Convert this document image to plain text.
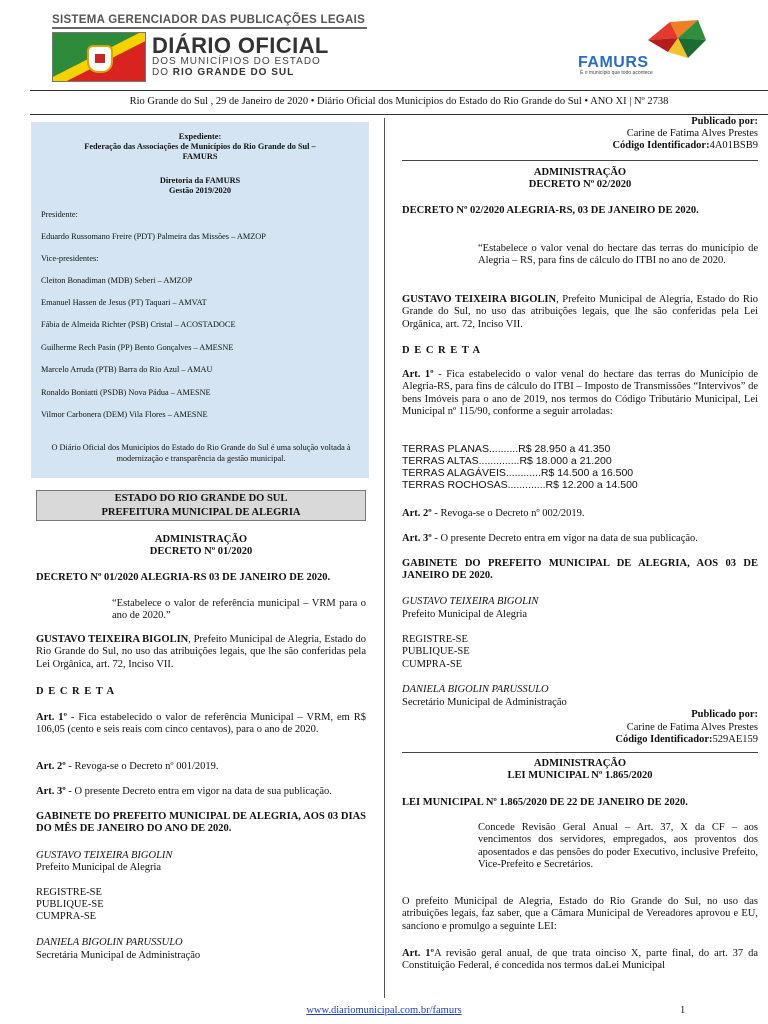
SISTEMA GERENCIADOR DAS PUBLICAÇÕES LEGAIS
DIÁRIO OFICIAL
DOS MUNICÍPIOS DO ESTADO
DO RIO GRANDE DO SUL
FAMURS
É o município que todo acontece
Rio Grande do Sul , 29 de Janeiro de 2020 • Diário Oficial dos Municípios do Estado do Rio Grande do Sul • ANO XI | Nº 2738
Expediente:
Federação das Associações de Municípios do Rio Grande do Sul –
FAMURS
Diretoria da FAMURS
Gestão 2019/2020
Presidente:
Eduardo Russomano Freire (PDT) Palmeira das Missões – AMZOP
Vice-presidentes:
Cleiton Bonadiman (MDB) Seberi – AMZOP
Emanuel Hassen de Jesus (PT) Taquari – AMVAT
Fábia de Almeida Richter (PSB) Cristal – ACOSTADOCE
Guilherme Rech Pasin (PP) Bento Gonçalves – AMESNE
Marcelo Arruda (PTB) Barra do Rio Azul – AMAU
Ronaldo Boniatti (PSDB) Nova Pádua – AMESNE
Vilmor Carbonera (DEM) Vila Flores – AMESNE
O Diário Oficial dos Municípios do Estado do Rio Grande do Sul é uma solução voltada à modernização e transparência da gestão municipal.
ESTADO DO RIO GRANDE DO SUL
PREFEITURA MUNICIPAL DE ALEGRIA
ADMINISTRAÇÃO
DECRETO Nº 01/2020
DECRETO Nº 01/2020 ALEGRIA-RS 03 DE JANEIRO DE 2020.
“Estabelece o valor de referência municipal – VRM para o ano de 2020.”
GUSTAVO TEIXEIRA BIGOLIN, Prefeito Municipal de Alegria, Estado do Rio Grande do Sul, no uso das atribuições legais, que lhe são conferidas pela Lei Orgânica, art. 72, Inciso VII.
D E C R E T A
Art. 1º - Fica estabelecido o valor de referência Municipal – VRM, em R$ 106,05 (cento e seis reais com cinco centavos), para o ano de 2020.
Art. 2º - Revoga-se o Decreto nº 001/2019.
Art. 3º - O presente Decreto entra em vigor na data de sua publicação.
GABINETE DO PREFEITO MUNICIPAL DE ALEGRIA, AOS 03 DIAS DO MÊS DE JANEIRO DO ANO DE 2020.
GUSTAVO TEIXEIRA BIGOLIN
Prefeito Municipal de Alegria
REGISTRE-SE
PUBLIQUE-SE
CUMPRA-SE
DANIELA BIGOLIN PARUSSULO
Secretária Municipal de Administração
Publicado por:
Carine de Fatima Alves Prestes
Código Identificador:4A01BSB9
ADMINISTRAÇÃO
DECRETO Nº 02/2020
DECRETO Nº 02/2020 ALEGRIA-RS, 03 DE JANEIRO DE 2020.
“Estabelece o valor venal do hectare das terras do município de Alegria – RS, para fins de cálculo do ITBI no ano de 2020.
GUSTAVO TEIXEIRA BIGOLIN, Prefeito Municipal de Alegria, Estado do Rio Grande do Sul, no uso das atribuições legais, que lhe são conferidas pela Lei Orgânica, art. 72, Inciso VII.
D E C R E T A
Art. 1º - Fica estabelecido o valor venal do hectare das terras do Município de Alegria-RS, para fins de cálculo do ITBI – Imposto de Transmissões “Intervivos” de bens Imóveis para o ano de 2019, nos termos do Código Tributário Municipal, Lei Municipal nº 115/90, conforme a seguir arroladas:
TERRAS PLANAS..........R$ 28.950 a 41.350
TERRAS ALTAS..............R$ 18.000 a 21.200
TERRAS ALAGÁVEIS............R$ 14.500 a 16.500
TERRAS ROCHOSAS.............R$ 12.200 a 14.500
Art. 2º - Revoga-se o Decreto nº 002/2019.
Art. 3º - O presente Decreto entra em vigor na data de sua publicação.
GABINETE DO PREFEITO MUNICIPAL DE ALEGRIA, AOS 03 DE JANEIRO DE 2020.
GUSTAVO TEIXEIRA BIGOLIN
Prefeito Municipal de Alegria
REGISTRE-SE
PUBLIQUE-SE
CUMPRA-SE
DANIELA BIGOLIN PARUSSULO
Secretário Municipal de Administração
Publicado por:
Carine de Fatima Alves Prestes
Código Identificador:529AE159
ADMINISTRAÇÃO
LEI MUNICIPAL Nº 1.865/2020
LEI MUNICIPAL Nº 1.865/2020 DE 22 DE JANEIRO DE 2020.
Concede Revisão Geral Anual – Art. 37, X da CF – aos vencimentos dos servidores, empregados, aos proventos dos aposentados e das pensões do poder Executivo, inclusive Prefeito, Vice-Prefeito e Secretários.
O prefeito Municipal de Alegria, Estado do Rio Grande do Sul, no uso das atribuições legais, faz saber, que a Câmara Municipal de Vereadores aprovou e EU, sanciono e promulgo a seguinte LEI:
Art. 1ºA revisão geral anual, de que trata oinciso X, parte final, do art. 37 da Constituição Federal, é concedida nos termos daLei Municipal
www.diariomunicipal.com.br/famurs	1
